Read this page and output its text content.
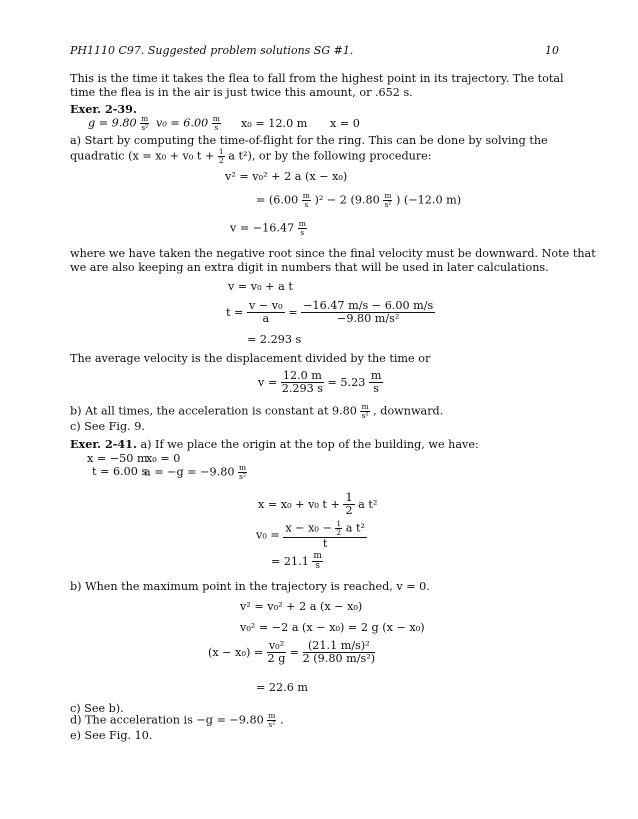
PH1110 C97. Suggested problem solutions SG #1.	10
This is the time it takes the flea to fall from the highest point in its trajectory. The total
time the flea is in the air is just twice this amount, or .652 s.
Exer. 2-39.
$g = 9.80 \frac{m}{\text{s²}} v_0 = 6.00 \frac{m}{s} x_0 = 12.0$ m x = 0
a) Start by computing the time-of-flight for the ring. This can be done by solving the
quadratic (x = x₀ + v₀ $t + \frac{1}{2}$ a t²), or by the following procedure:
v² = v₀² + 2 a (x − x₀)
= $(6.00 \frac{m}{s} )^2 - 2$ ($9.80 \frac{m}{\text{s²}}$ ) (−12.0 m)
$v = -16.47 \frac{m}{s}$
where we have taken the negative root since the final velocity must be downward. Note that
we are also keeping an extra digit in numbers that will be used in later calculations.
v = v₀ + a t
$t = \frac{\text{v − v₀}}{a} = \frac{-16.47 m/s - 6.00 m/s}{\text{−9.80 m/s²}}$
= 2.293 s
The average velocity is the displacement divided by the time or
$v = \frac{12.0 m}{2.293 s} = 5.23 \frac{m}{s}$
b) At all times, the acceleration is constant at $9.80 \frac{m}{\text{s²}}$ , downward.
c) See Fig. 9.
Exer. 2-41. a) If we place the origin at the top of the building, we have:
x = −50 m
x₀ = 0
t = 6.00 s
$a = -g = -9.80 \frac{m}{\text{s²}}$
x = x₀ + v₀ $t + \frac{1}{2}$ a t²
$v_0 = \frac{x - x_0 - \frac{1}{2} a t^2}{t}$
= $21.1 \frac{m}{s}$
b) When the maximum point in the trajectory is reached, v = 0.
v² = v₀² + 2 a (x − x₀)
v₀² = −2 a (x − x₀) = 2 g (x − x₀)
$(x - x_0) = \frac{\text{v₀²}}{2 g} = \frac{\text{(21.1 m/s)²}}{\text{2 (9.80 m/s²)}}$
= 22.6 m
c) See b).
d) The acceleration is $-g = -9.80 \frac{m}{\text{s²}}$ .
e) See Fig. 10.
